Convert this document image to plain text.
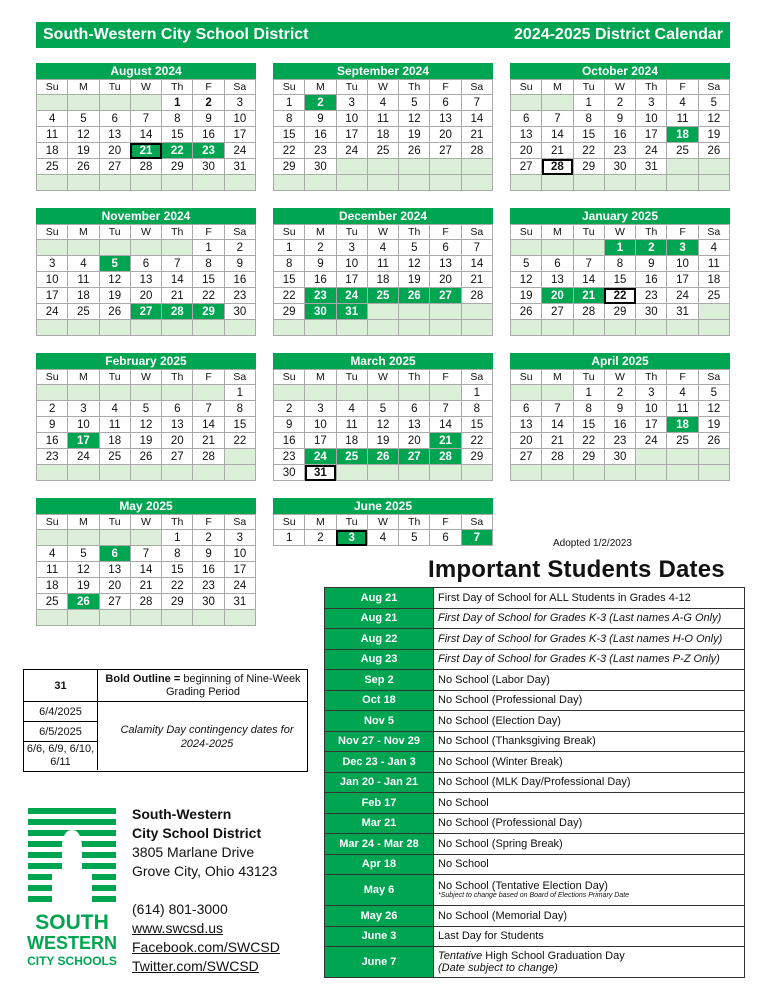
South-Western City School District	2024-2025 District Calendar
August 2024
Su	M	Tu	W	Th	F	Sa
				1	2	3
4	5	6	7	8	9	10
11	12	13	14	15	16	17
18	19	20	21	22	23	24
25	26	27	28	29	30	31

September 2024
Su	M	Tu	W	Th	F	Sa
1	2	3	4	5	6	7
8	9	10	11	12	13	14
15	16	17	18	19	20	21
22	23	24	25	26	27	28
29	30					

October 2024
Su	M	Tu	W	Th	F	Sa
		1	2	3	4	5
6	7	8	9	10	11	12
13	14	15	16	17	18	19
20	21	22	23	24	25	26
27	28	29	30	31		

November 2024
Su	M	Tu	W	Th	F	Sa
					1	2
3	4	5	6	7	8	9
10	11	12	13	14	15	16
17	18	19	20	21	22	23
24	25	26	27	28	29	30

December 2024
Su	M	Tu	W	Th	F	Sa
1	2	3	4	5	6	7
8	9	10	11	12	13	14
15	16	17	18	19	20	21
22	23	24	25	26	27	28
29	30	31				

January 2025
Su	M	Tu	W	Th	F	Sa
			1	2	3	4
5	6	7	8	9	10	11
12	13	14	15	16	17	18
19	20	21	22	23	24	25
26	27	28	29	30	31	

February 2025
Su	M	Tu	W	Th	F	Sa
						1
2	3	4	5	6	7	8
9	10	11	12	13	14	15
16	17	18	19	20	21	22
23	24	25	26	27	28	

March 2025
Su	M	Tu	W	Th	F	Sa
						1
2	3	4	5	6	7	8
9	10	11	12	13	14	15
16	17	18	19	20	21	22
23	24	25	26	27	28	29
30	31					
April 2025
Su	M	Tu	W	Th	F	Sa
		1	2	3	4	5
6	7	8	9	10	11	12
13	14	15	16	17	18	19
20	21	22	23	24	25	26
27	28	29	30			

May 2025
Su	M	Tu	W	Th	F	Sa
				1	2	3
4	5	6	7	8	9	10
11	12	13	14	15	16	17
18	19	20	21	22	23	24
25	26	27	28	29	30	31

June 2025
Su	M	Tu	W	Th	F	Sa
1	2	3	4	5	6	7	Adopted 1/2/2023
Important Students Dates
Aug 21	First Day of School for ALL Students in Grades 4-12
Aug 21	First Day of School for Grades K-3 (Last names A-G Only)
Aug 22	First Day of School for Grades K-3 (Last names H-O Only)
Aug 23	First Day of School for Grades K-3 (Last names P-Z Only)
Sep 2	No School (Labor Day)
Oct 18	No School (Professional Day)
Nov 5	No School (Election Day)
Nov 27 - Nov 29	No School (Thanksgiving Break)
Dec 23 - Jan 3	No School (Winter Break)
Jan 20 - Jan 21	No School (MLK Day/Professional Day)
Feb 17	No School
Mar 21	No School (Professional Day)
Mar 24 - Mar 28	No School (Spring Break)
Apr 18	No School
May 6	No School (Tentative Election Day)
*Subject to change based on Board of Elections Primary Date

May 26	No School (Memorial Day)
June 3	Last Day for Students
June 7	Tentative High School Graduation Day
(Date subject to change)
31
Bold Outline = beginning of Nine-Week Grading Period
6/4/2025
6/5/2025
6/6, 6/9, 6/10, 6/11
Calamity Day contingency dates for 2024-2025
SOUTH
WESTERN
CITY SCHOOLS
South-Western
City School District
3805 Marlane Drive
Grove City, Ohio 43123
(614) 801-3000
www.swcsd.us
Facebook.com/SWCSD
Twitter.com/SWCSD
